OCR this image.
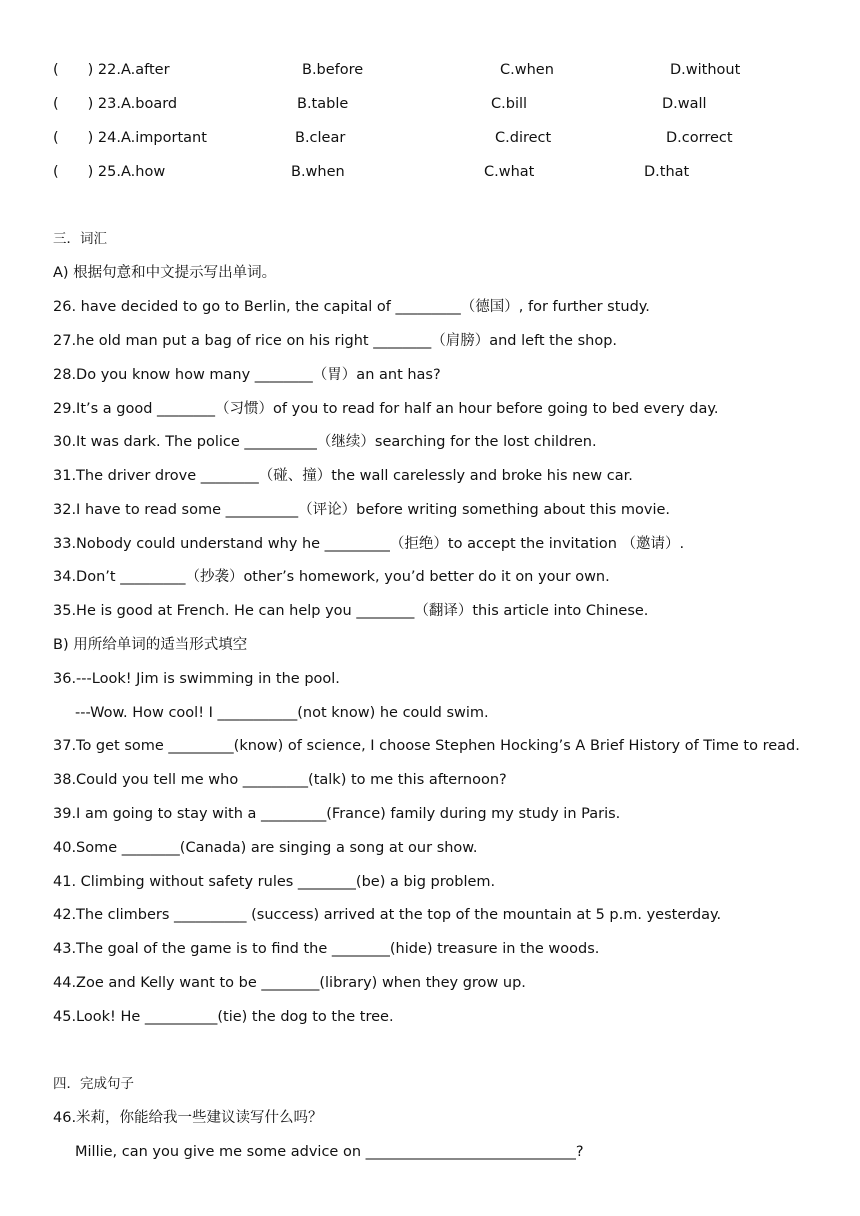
(　　) 22.A.after	B.before	C.when	D.without
(　　) 23.A.board	B.table	C.bill	D.wall
(　　) 24.A.important	B.clear	C.direct	D.correct
(　　) 25.A.how	B.when	C.what	D.that
三．词汇
A) 根据句意和中文提示写出单词。
26. have decided to go to Berlin, the capital of _________（德国）, for further study.
27.he old man put a bag of rice on his right ________（肩膀）and left the shop.
28.Do you know how many ________（胃）an ant has?
29.It’s a good ________（习惯）of you to read for half an hour before going to bed every day.
30.It was dark. The police __________（继续）searching for the lost children.
31.The driver drove ________（碰、撞）the wall carelessly and broke his new car.
32.I have to read some __________（评论）before writing something about this movie.
33.Nobody could understand why he _________（拒绝）to accept the invitation （邀请）.
34.Don’t _________（抄袭）other’s homework, you’d better do it on your own.
35.He is good at French. He can help you ________（翻译）this article into Chinese.
B) 用所给单词的适当形式填空
36.---Look! Jim is swimming in the pool.
---Wow. How cool! I ___________(not know) he could swim.
37.To get some _________(know) of science, I choose Stephen Hocking’s A Brief History of Time to read.
38.Could you tell me who _________(talk) to me this afternoon?
39.I am going to stay with a _________(France) family during my study in Paris.
40.Some ________(Canada) are singing a song at our show.
41. Climbing without safety rules ________(be) a big problem.
42.The climbers __________ (success) arrived at the top of the mountain at 5 p.m. yesterday.
43.The goal of the game is to find the ________(hide) treasure in the woods.
44.Zoe and Kelly want to be ________(library) when they grow up.
45.Look! He __________(tie) the dog to the tree.
四．完成句子
46.米莉，你能给我一些建议读写什么吗？
Millie, can you give me some advice on _____________________________?
